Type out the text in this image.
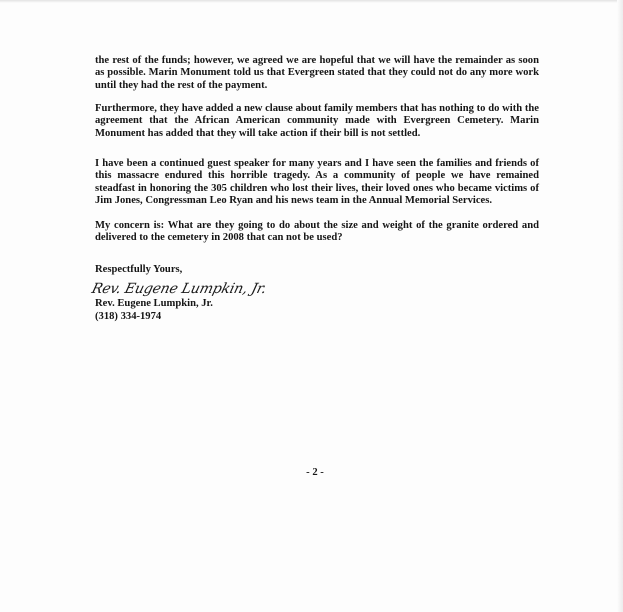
the rest of the funds; however, we agreed we are hopeful that we will have the remainder as soon as possible. Marin Monument told us that Evergreen stated that they could not do any more work until they had the rest of the payment.

Furthermore, they have added a new clause about family members that has nothing to do with the agreement that the African American community made with Evergreen Cemetery. Marin Monument has added that they will take action if their bill is not settled.

I have been a continued guest speaker for many years and I have seen the families and friends of this massacre endured this horrible tragedy. As a community of people we have remained steadfast in honoring the 305 children who lost their lives, their loved ones who became victims of Jim Jones, Congressman Leo Ryan and his news team in the Annual Memorial Services.

My concern is: What are they going to do about the size and weight of the granite ordered and delivered to the cemetery in 2008 that can not be used?

Respectfully Yours,

Rev. Eugene Lumpkin, Jr.

Rev. Eugene Lumpkin, Jr.

(318) 334-1974

- 2 -
